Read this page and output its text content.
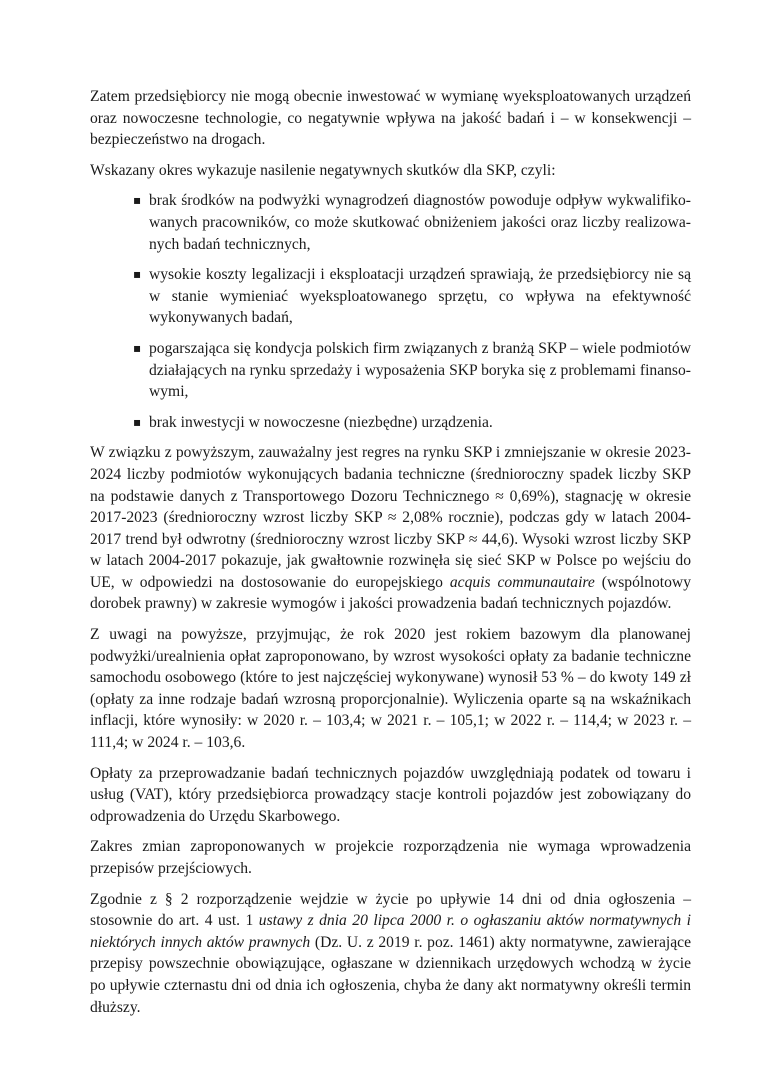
Zatem przedsiębiorcy nie mogą obecnie inwestować w wymianę wyeksploatowanych urządzeń oraz nowoczesne technologie, co negatywnie wpływa na jakość badań i – w konsekwencji – bezpieczeństwo na drogach.

Wskazany okres wykazuje nasilenie negatywnych skutków dla SKP, czyli:

▪ brak środków na podwyżki wynagrodzeń diagnostów powoduje odpływ wykwalifikowanych pracowników, co może skutkować obniżeniem jakości oraz liczby realizowanych badań technicznych,
▪ wysokie koszty legalizacji i eksploatacji urządzeń sprawiają, że przedsiębiorcy nie są w stanie wymieniać wyeksploatowanego sprzętu, co wpływa na efektywność wykonywanych badań,
▪ pogarszająca się kondycja polskich firm związanych z branżą SKP – wiele podmiotów działających na rynku sprzedaży i wyposażenia SKP boryka się z problemami finansowymi,
▪ brak inwestycji w nowoczesne (niezbędne) urządzenia.

W związku z powyższym, zauważalny jest regres na rynku SKP i zmniejszanie w okresie 2023-2024 liczby podmiotów wykonujących badania techniczne (średnioroczny spadek liczby SKP na podstawie danych z Transportowego Dozoru Technicznego ≈ 0,69%), stagnację w okresie 2017-2023 (średnioroczny wzrost liczby SKP ≈ 2,08% rocznie), podczas gdy w latach 2004-2017 trend był odwrotny (średnioroczny wzrost liczby SKP ≈ 44,6). Wysoki wzrost liczby SKP w latach 2004-2017 pokazuje, jak gwałtownie rozwinęła się sieć SKP w Polsce po wejściu do UE, w odpowiedzi na dostosowanie do europejskiego acquis communautaire (wspólnotowy dorobek prawny) w zakresie wymogów i jakości prowadzenia badań technicznych pojazdów.

Z uwagi na powyższe, przyjmując, że rok 2020 jest rokiem bazowym dla planowanej podwyżki/urealnienia opłat zaproponowano, by wzrost wysokości opłaty za badanie techniczne samochodu osobowego (które to jest najczęściej wykonywane) wynosił 53 % – do kwoty 149 zł (opłaty za inne rodzaje badań wzrosną proporcjonalnie). Wyliczenia oparte są na wskaźnikach inflacji, które wynosiły: w 2020 r. – 103,4; w 2021 r. – 105,1; w 2022 r. – 114,4; w 2023 r. – 111,4; w 2024 r. – 103,6.

Opłaty za przeprowadzanie badań technicznych pojazdów uwzględniają podatek od towaru i usług (VAT), który przedsiębiorca prowadzący stacje kontroli pojazdów jest zobowiązany do odprowadzenia do Urzędu Skarbowego.

Zakres zmian zaproponowanych w projekcie rozporządzenia nie wymaga wprowadzenia przepisów przejściowych.

Zgodnie z § 2 rozporządzenie wejdzie w życie po upływie 14 dni od dnia ogłoszenia – stosownie do art. 4 ust. 1 ustawy z dnia 20 lipca 2000 r. o ogłaszaniu aktów normatywnych i niektórych innych aktów prawnych (Dz. U. z 2019 r. poz. 1461) akty normatywne, zawierające przepisy powszechnie obowiązujące, ogłaszane w dziennikach urzędowych wchodzą w życie po upływie czternastu dni od dnia ich ogłoszenia, chyba że dany akt normatywny określi termin dłuższy.
